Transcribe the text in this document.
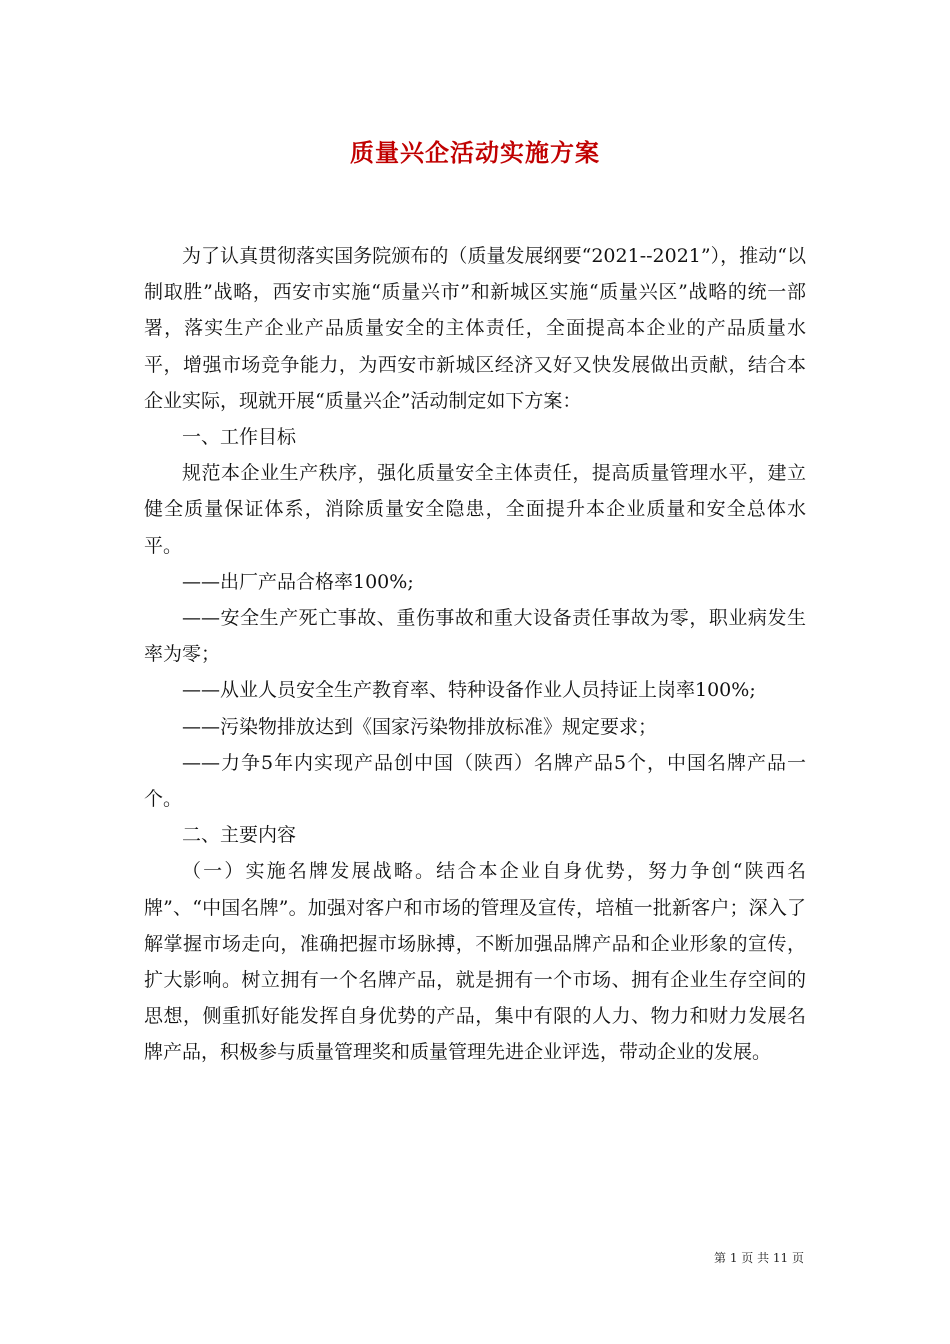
质量兴企活动实施方案

为了认真贯彻落实国务院颁布的（质量发展纲要“2021--2021”），推动“以制取胜”战略，西安市实施“质量兴市”和新城区实施“质量兴区”战略的统一部署，落实生产企业产品质量安全的主体责任，全面提高本企业的产品质量水平，增强市场竞争能力，为西安市新城区经济又好又快发展做出贡献，结合本企业实际，现就开展“质量兴企”活动制定如下方案：

一、工作目标

规范本企业生产秩序，强化质量安全主体责任，提高质量管理水平，建立健全质量保证体系，消除质量安全隐患，全面提升本企业质量和安全总体水平。

——出厂产品合格率100%;

——安全生产死亡事故、重伤事故和重大设备责任事故为零，职业病发生率为零；

——从业人员安全生产教育率、特种设备作业人员持证上岗率100%;

——污染物排放达到《国家污染物排放标准》规定要求；

——力争5年内实现产品创中国（陕西）名牌产品5个，中国名牌产品一个。

二、主要内容

（一）实施名牌发展战略。结合本企业自身优势，努力争创“陕西名牌”、“中国名牌”。加强对客户和市场的管理及宣传，培植一批新客户；深入了解掌握市场走向，准确把握市场脉搏，不断加强品牌产品和企业形象的宣传，扩大影响。树立拥有一个名牌产品，就是拥有一个市场、拥有企业生存空间的思想，侧重抓好能发挥自身优势的产品，集中有限的人力、物力和财力发展名牌产品，积极参与质量管理奖和质量管理先进企业评选，带动企业的发展。

第 1 页 共 11 页
